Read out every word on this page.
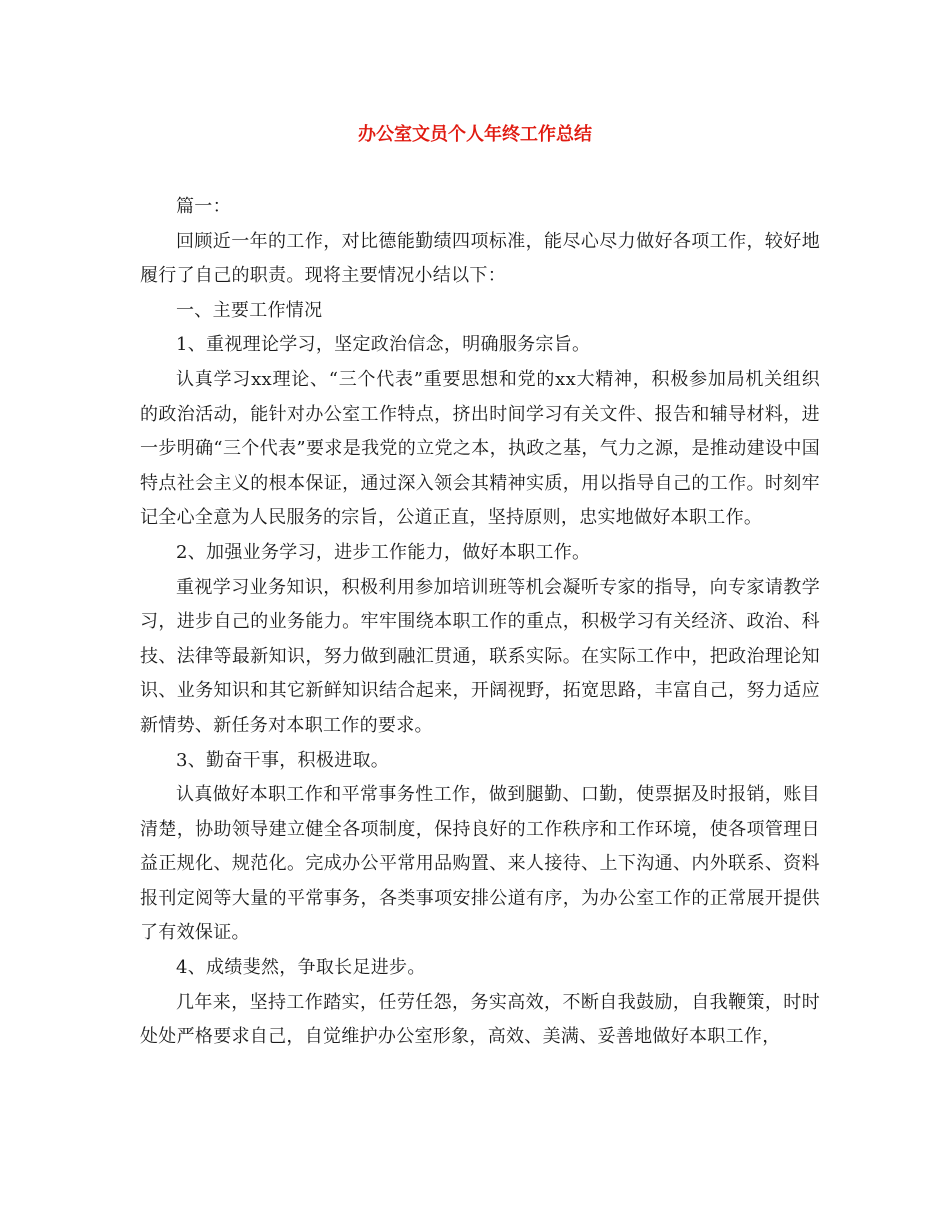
办公室文员个人年终工作总结

篇一：

回顾近一年的工作，对比德能勤绩四项标准，能尽心尽力做好各项工作，较好地履行了自己的职责。现将主要情况小结以下：

一、主要工作情况

1、重视理论学习，坚定政治信念，明确服务宗旨。

认真学习xx理论、“三个代表”重要思想和党的xx大精神，积极参加局机关组织的政治活动，能针对办公室工作特点，挤出时间学习有关文件、报告和辅导材料，进一步明确“三个代表”要求是我党的立党之本，执政之基，气力之源，是推动建设中国特点社会主义的根本保证，通过深入领会其精神实质，用以指导自己的工作。时刻牢记全心全意为人民服务的宗旨，公道正直，坚持原则，忠实地做好本职工作。

2、加强业务学习，进步工作能力，做好本职工作。

重视学习业务知识，积极利用参加培训班等机会凝听专家的指导，向专家请教学习，进步自己的业务能力。牢牢围绕本职工作的重点，积极学习有关经济、政治、科技、法律等最新知识，努力做到融汇贯通，联系实际。在实际工作中，把政治理论知识、业务知识和其它新鲜知识结合起来，开阔视野，拓宽思路，丰富自己，努力适应新情势、新任务对本职工作的要求。

3、勤奋干事，积极进取。

认真做好本职工作和平常事务性工作，做到腿勤、口勤，使票据及时报销，账目清楚，协助领导建立健全各项制度，保持良好的工作秩序和工作环境，使各项管理日益正规化、规范化。完成办公平常用品购置、来人接待、上下沟通、内外联系、资料报刊定阅等大量的平常事务，各类事项安排公道有序，为办公室工作的正常展开提供了有效保证。

4、成绩斐然，争取长足进步。

几年来，坚持工作踏实，任劳任怨，务实高效，不断自我鼓励，自我鞭策，时时处处严格要求自己，自觉维护办公室形象，高效、美满、妥善地做好本职工作，
